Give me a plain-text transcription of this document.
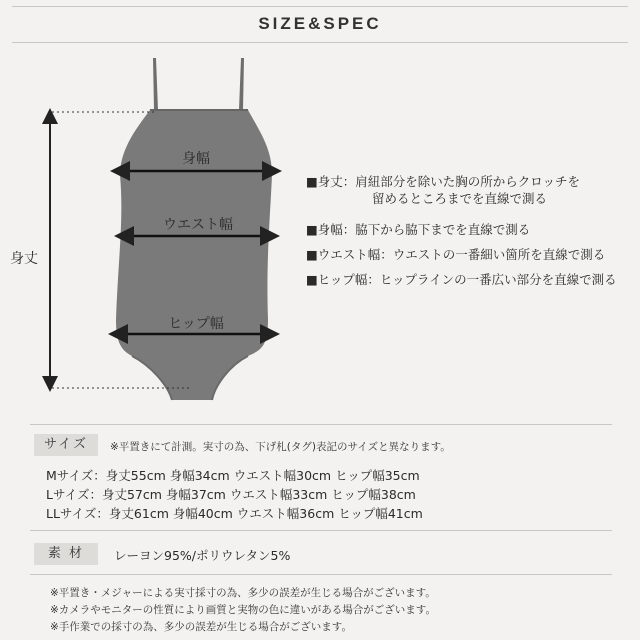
SIZE&SPEC
身丈
身幅
ウエスト幅
ヒップ幅
■身丈：肩紐部分を除いた胸の所からクロッチを
留めるところまでを直線で測る
■身幅：脇下から脇下までを直線で測る
■ウエスト幅：ウエストの一番細い箇所を直線で測る
■ヒップ幅：ヒップラインの一番広い部分を直線で測る
サイズ	※平置きにて計測。実寸の為、下げ札(タグ)表記のサイズと異なります。
Mサイズ：身丈55cm 身幅34cm ウエスト幅30cm ヒップ幅35cm
Lサイズ：身丈57cm 身幅37cm ウエスト幅33cm ヒップ幅38cm
LLサイズ：身丈61cm 身幅40cm ウエスト幅36cm ヒップ幅41cm
素 材	レーヨン95%/ポリウレタン5%
※平置き・メジャーによる実寸採寸の為、多少の誤差が生じる場合がございます。
※カメラやモニターの性質により画質と実物の色に違いがある場合がございます。
※手作業での採寸の為、多少の誤差が生じる場合がございます。
